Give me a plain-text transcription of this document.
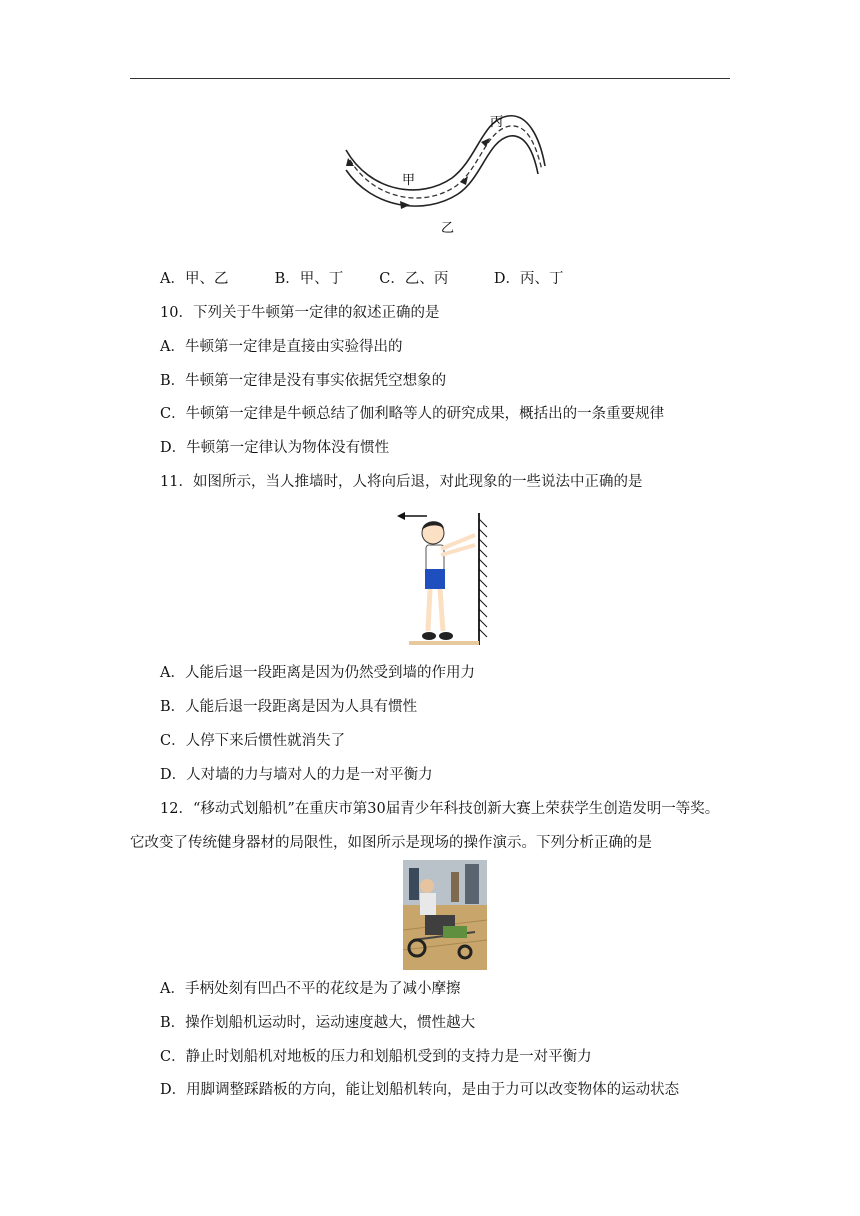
丙
甲
乙
A．甲、乙	B．甲、丁 C．乙、丙	D．丙、丁
10．下列关于牛顿第一定律的叙述正确的是
A．牛顿第一定律是直接由实验得出的
B．牛顿第一定律是没有事实依据凭空想象的
C．牛顿第一定律是牛顿总结了伽利略等人的研究成果，概括出的一条重要规律
D．牛顿第一定律认为物体没有惯性
11．如图所示，当人推墙时，人将向后退，对此现象的一些说法中正确的是
A．人能后退一段距离是因为仍然受到墙的作用力
B．人能后退一段距离是因为人具有惯性
C．人停下来后惯性就消失了
D．人对墙的力与墙对人的力是一对平衡力
12．“移动式划船机”在重庆市第30届青少年科技创新大赛上荣获学生创造发明一等奖。
它改变了传统健身器材的局限性，如图所示是现场的操作演示。下列分析正确的是
A．手柄处刻有凹凸不平的花纹是为了减小摩擦
B．操作划船机运动时，运动速度越大，惯性越大
C．静止时划船机对地板的压力和划船机受到的支持力是一对平衡力
D．用脚调整踩踏板的方向，能让划船机转向，是由于力可以改变物体的运动状态
